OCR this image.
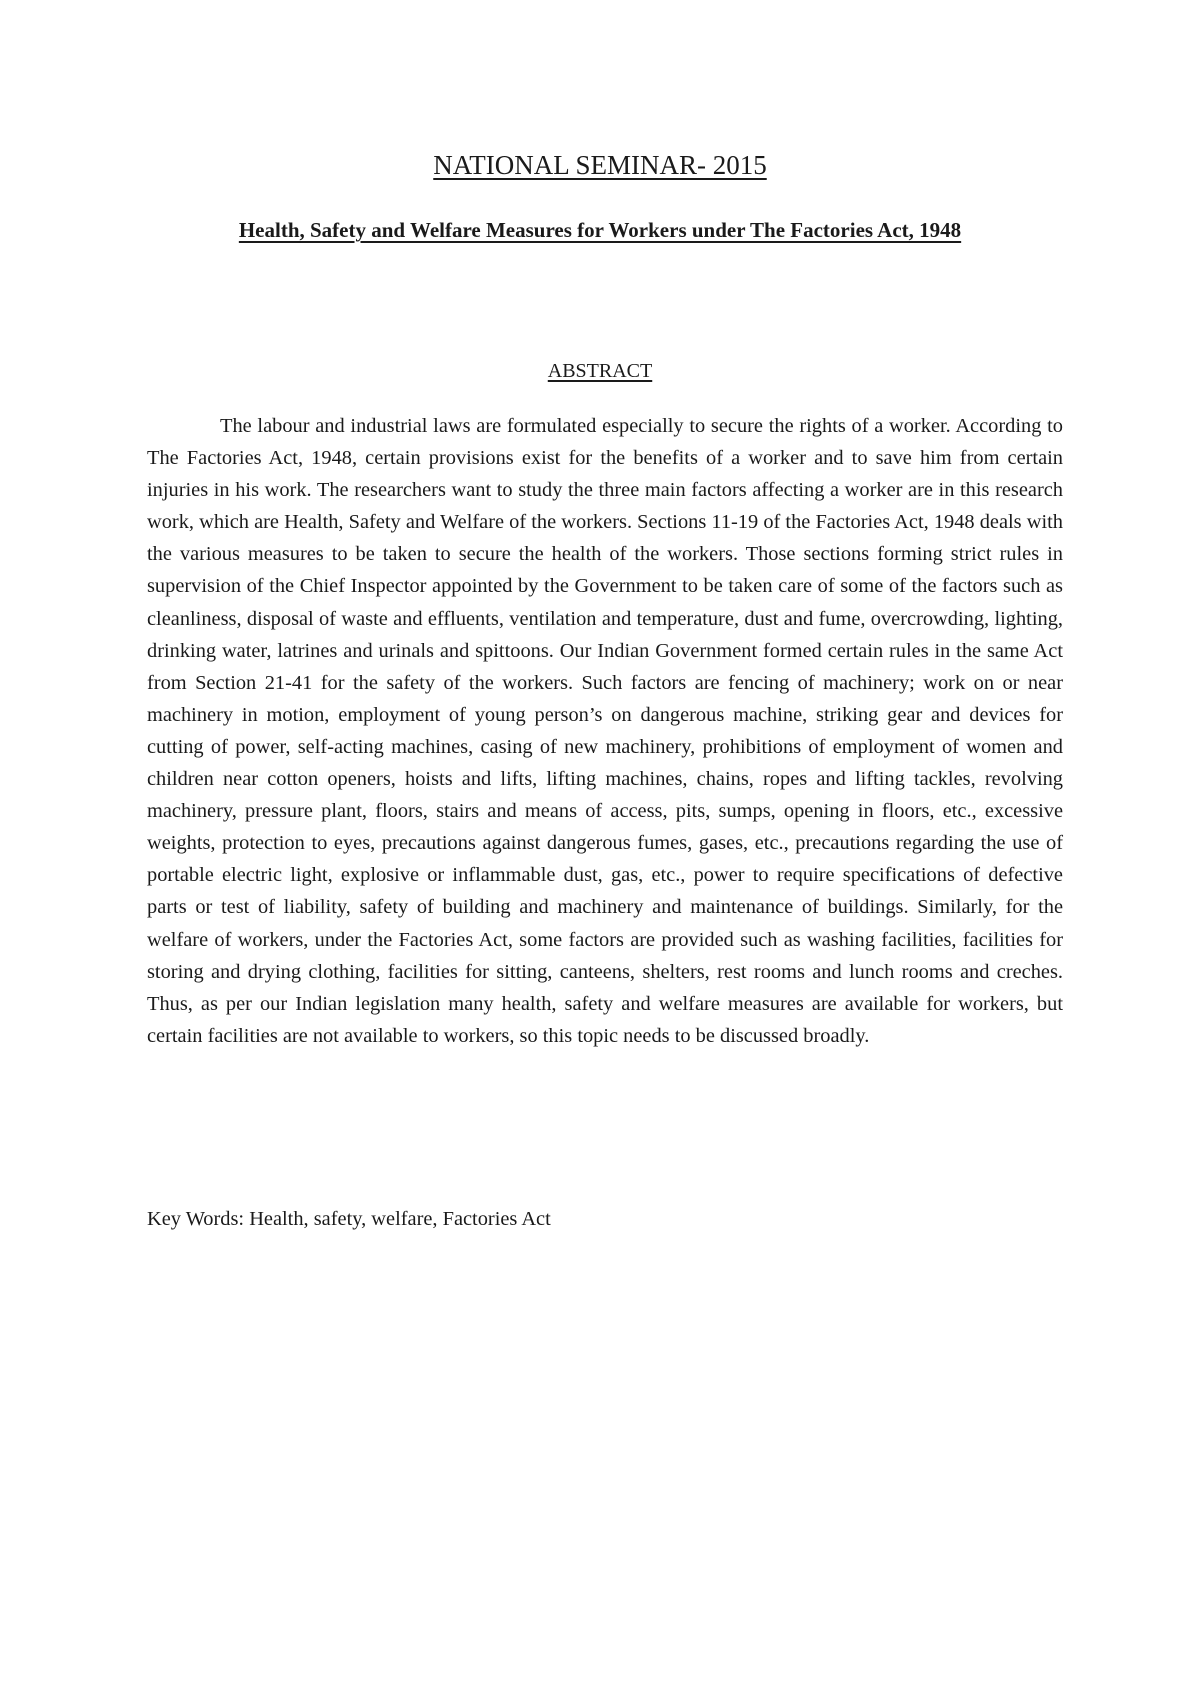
NATIONAL SEMINAR- 2015
Health, Safety and Welfare Measures for Workers under The Factories Act, 1948
ABSTRACT

The labour and industrial laws are formulated especially to secure the rights of a worker. According to The Factories Act, 1948, certain provisions exist for the benefits of a worker and to save him from certain injuries in his work. The researchers want to study the three main factors affecting a worker are in this research work, which are Health, Safety and Welfare of the workers. Sections 11-19 of the Factories Act, 1948 deals with the various measures to be taken to secure the health of the workers. Those sections forming strict rules in supervision of the Chief Inspector appointed by the Government to be taken care of some of the factors such as cleanliness, disposal of waste and effluents, ventilation and temperature, dust and fume, overcrowding, lighting, drinking water, latrines and urinals and spittoons. Our Indian Government formed certain rules in the same Act from Section 21-41 for the safety of the workers. Such factors are fencing of machinery; work on or near machinery in motion, employment of young person’s on dangerous machine, striking gear and devices for cutting of power, self-acting machines, casing of new machinery, prohibitions of employment of women and children near cotton openers, hoists and lifts, lifting machines, chains, ropes and lifting tackles, revolving machinery, pressure plant, floors, stairs and means of access, pits, sumps, opening in floors, etc., excessive weights, protection to eyes, precautions against dangerous fumes, gases, etc., precautions regarding the use of portable electric light, explosive or inflammable dust, gas, etc., power to require specifications of defective parts or test of liability, safety of building and machinery and maintenance of buildings. Similarly, for the welfare of workers, under the Factories Act, some factors are provided such as washing facilities, facilities for storing and drying clothing, facilities for sitting, canteens, shelters, rest rooms and lunch rooms and creches. Thus, as per our Indian legislation many health, safety and welfare measures are available for workers, but certain facilities are not available to workers, so this topic needs to be discussed broadly.

Key Words: Health, safety, welfare, Factories Act
